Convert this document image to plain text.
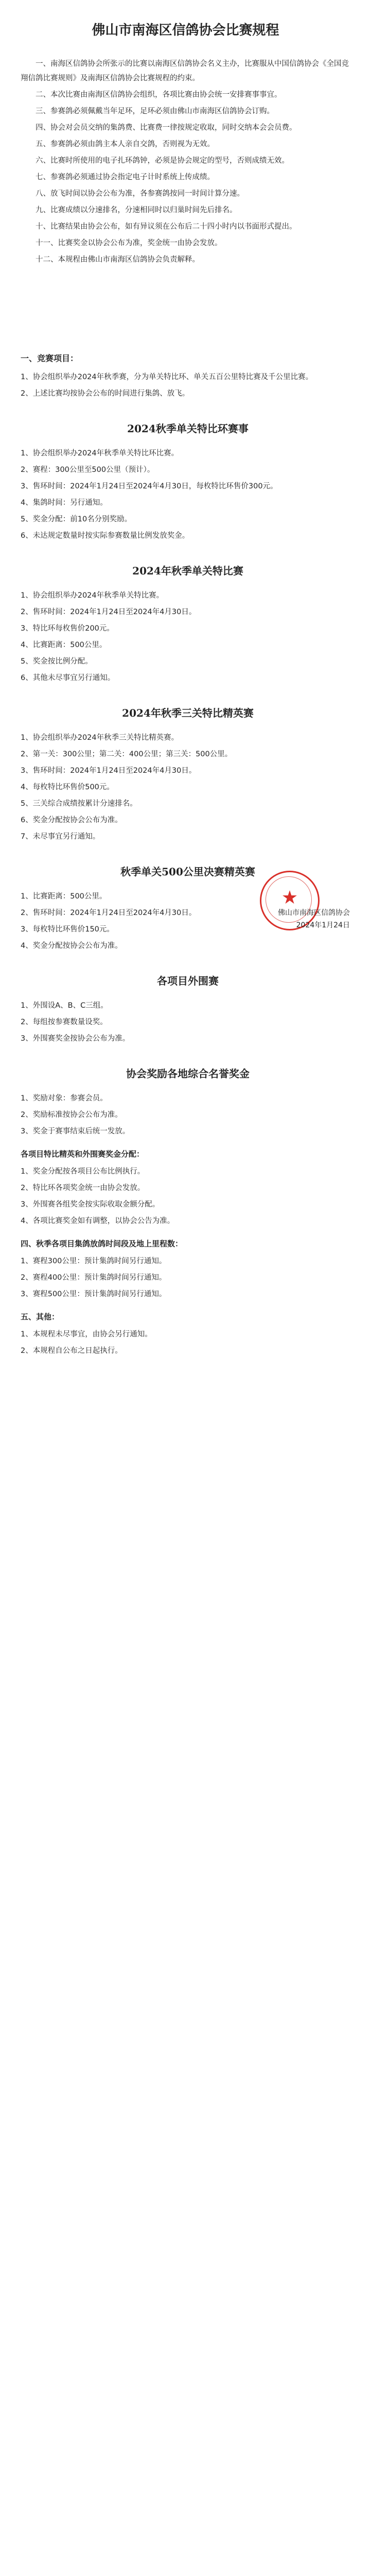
佛山市南海区信鸽协会比赛规程

一、南海区信鸽协会所张示的比赛以南海区信鸽协会名义主办，比赛服从中国信鸽协会《全国竞翔信鸽比赛规则》及南海区信鸽协会比赛规程的约束。

二、本次比赛由南海区信鸽协会组织，各项比赛由协会统一安排赛事事宜。

三、参赛鸽必须佩戴当年足环，足环必须由佛山市南海区信鸽协会订购。

四、协会对会员交纳的集鸽费、比赛费一律按规定收取，同时交纳本会会员费。

五、参赛鸽必须由鸽主本人亲自交鸽，否则视为无效。

六、比赛时所使用的电子扎环鸽钟，必须是协会规定的型号，否则成绩无效。

七、参赛鸽必须通过协会指定电子计时系统上传成绩。

八、放飞时间以协会公布为准，各参赛鸽按同一时间计算分速。

九、比赛成绩以分速排名，分速相同时以归巢时间先后排名。

十、比赛结果由协会公布，如有异议须在公布后二十四小时内以书面形式提出。

十一、比赛奖金以协会公布为准，奖金统一由协会发放。

十二、本规程由佛山市南海区信鸽协会负责解释。

一、竞赛项目：

1、协会组织举办2024年秋季赛，分为单关特比环、单关五百公里特比赛及千公里比赛。

2、上述比赛均按协会公布的时间进行集鸽、放飞。

2024秋季单关特比环赛事

1、协会组织举办2024年秋季单关特比环比赛。

2、赛程：300公里至500公里（预计）。

3、售环时间：2024年1月24日至2024年4月30日，每枚特比环售价300元。

4、集鸽时间：另行通知。

5、奖金分配：前10名分别奖励。

6、未达规定数量时按实际参赛数量比例发放奖金。

2024年秋季单关特比赛

1、协会组织举办2024年秋季单关特比赛。

2、售环时间：2024年1月24日至2024年4月30日。

3、特比环每枚售价200元。

4、比赛距离：500公里。

5、奖金按比例分配。

6、其他未尽事宜另行通知。

2024年秋季三关特比精英赛

1、协会组织举办2024年秋季三关特比精英赛。

2、第一关：300公里；第二关：400公里；第三关：500公里。

3、售环时间：2024年1月24日至2024年4月30日。

4、每枚特比环售价500元。

5、三关综合成绩按累计分速排名。

6、奖金分配按协会公布为准。

7、未尽事宜另行通知。

秋季单关500公里决赛精英赛

1、比赛距离：500公里。

2、售环时间：2024年1月24日至2024年4月30日。

3、每枚特比环售价150元。

4、奖金分配按协会公布为准。

各项目外围赛

1、外围设A、B、C三组。

2、每组按参赛数量设奖。

3、外围赛奖金按协会公布为准。

协会奖励各地综合名誉奖金

1、奖励对象：参赛会员。

2、奖励标准按协会公布为准。

3、奖金于赛事结束后统一发放。

各项目特比精英和外围赛奖金分配：

1、奖金分配按各项目公布比例执行。

2、特比环各项奖金统一由协会发放。

3、外围赛各组奖金按实际收取金额分配。

4、各项比赛奖金如有调整，以协会公告为准。

四、秋季各项目集鸽放鸽时间段及地上里程数：

1、赛程300公里：预计集鸽时间另行通知。

2、赛程400公里：预计集鸽时间另行通知。

3、赛程500公里：预计集鸽时间另行通知。

五、其他：

1、本规程未尽事宜，由协会另行通知。

2、本规程自公布之日起执行。

★
佛山市南海区信鸽协会
2024年1月24日
